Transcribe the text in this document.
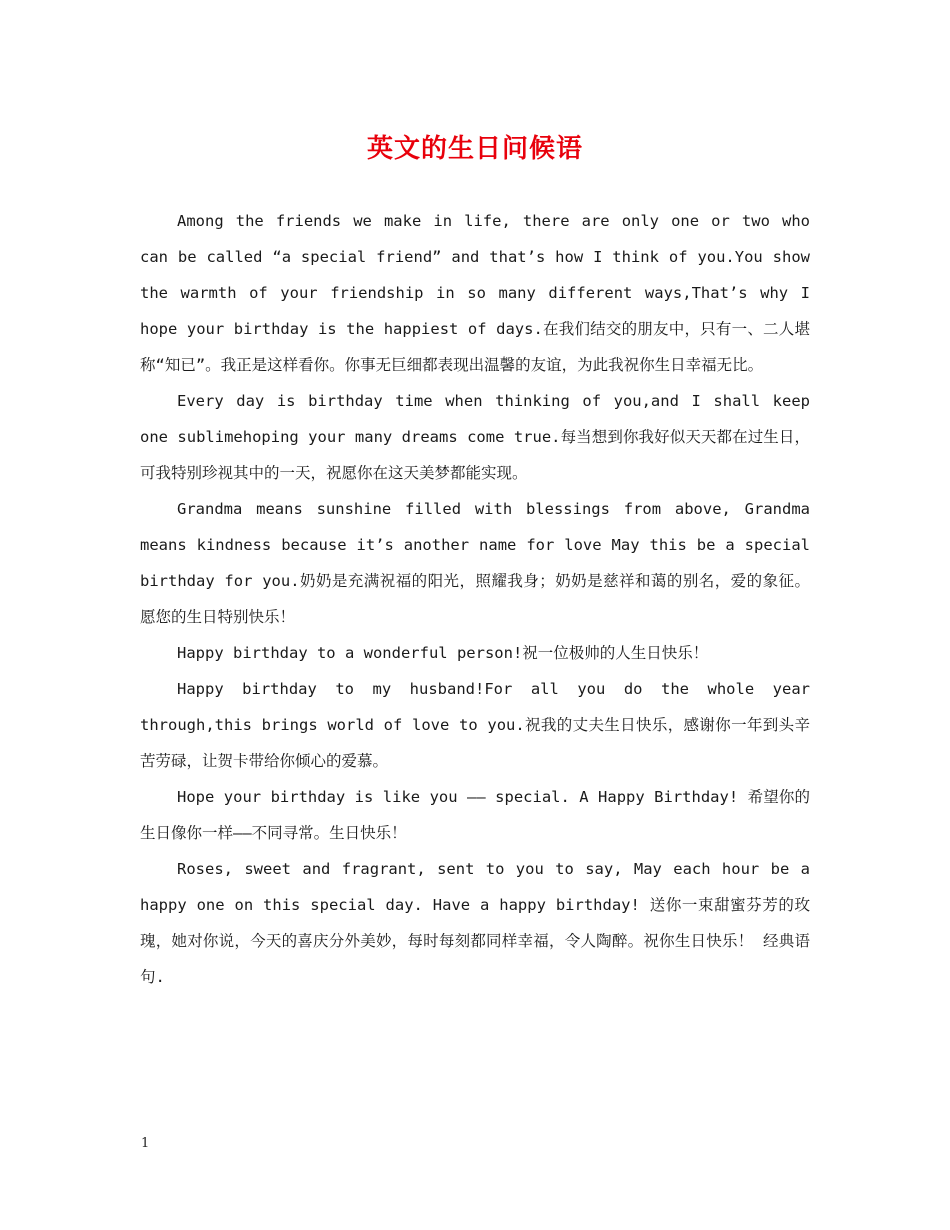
英文的生日问候语

Among the friends we make in life, there are only one or two who can be called “a special friend” and that’s how I think of you.You show the warmth of your friendship in so many different ways,That’s why I hope your birthday is the happiest of days.在我们结交的朋友中，只有一、二人堪称“知已”。我正是这样看你。你事无巨细都表现出温馨的友谊，为此我祝你生日幸福无比。

Every day is birthday time when thinking of you,and I shall keep one sublimehoping your many dreams come true.每当想到你我好似天天都在过生日，可我特别珍视其中的一天，祝愿你在这天美梦都能实现。

Grandma means sunshine filled with blessings from above, Grandma means kindness because it’s another name for love May this be a special birthday for you.奶奶是充满祝福的阳光，照耀我身；奶奶是慈祥和蔼的别名，爱的象征。愿您的生日特别快乐！

Happy birthday to a wonderful person!祝一位极帅的人生日快乐！

Happy birthday to my husband!For all you do the whole year through,this brings world of love to you.祝我的丈夫生日快乐，感谢你一年到头辛苦劳碌，让贺卡带给你倾心的爱慕。

Hope your birthday is like you —— special. A Happy Birthday! 希望你的生日像你一样——不同寻常。生日快乐！

Roses, sweet and fragrant, sent to you to say, May each hour be a happy one on this special day. Have a happy birthday! 送你一束甜蜜芬芳的玫瑰，她对你说，今天的喜庆分外美妙，每时每刻都同样幸福，令人陶醉。祝你生日快乐！ 经典语句.

1
